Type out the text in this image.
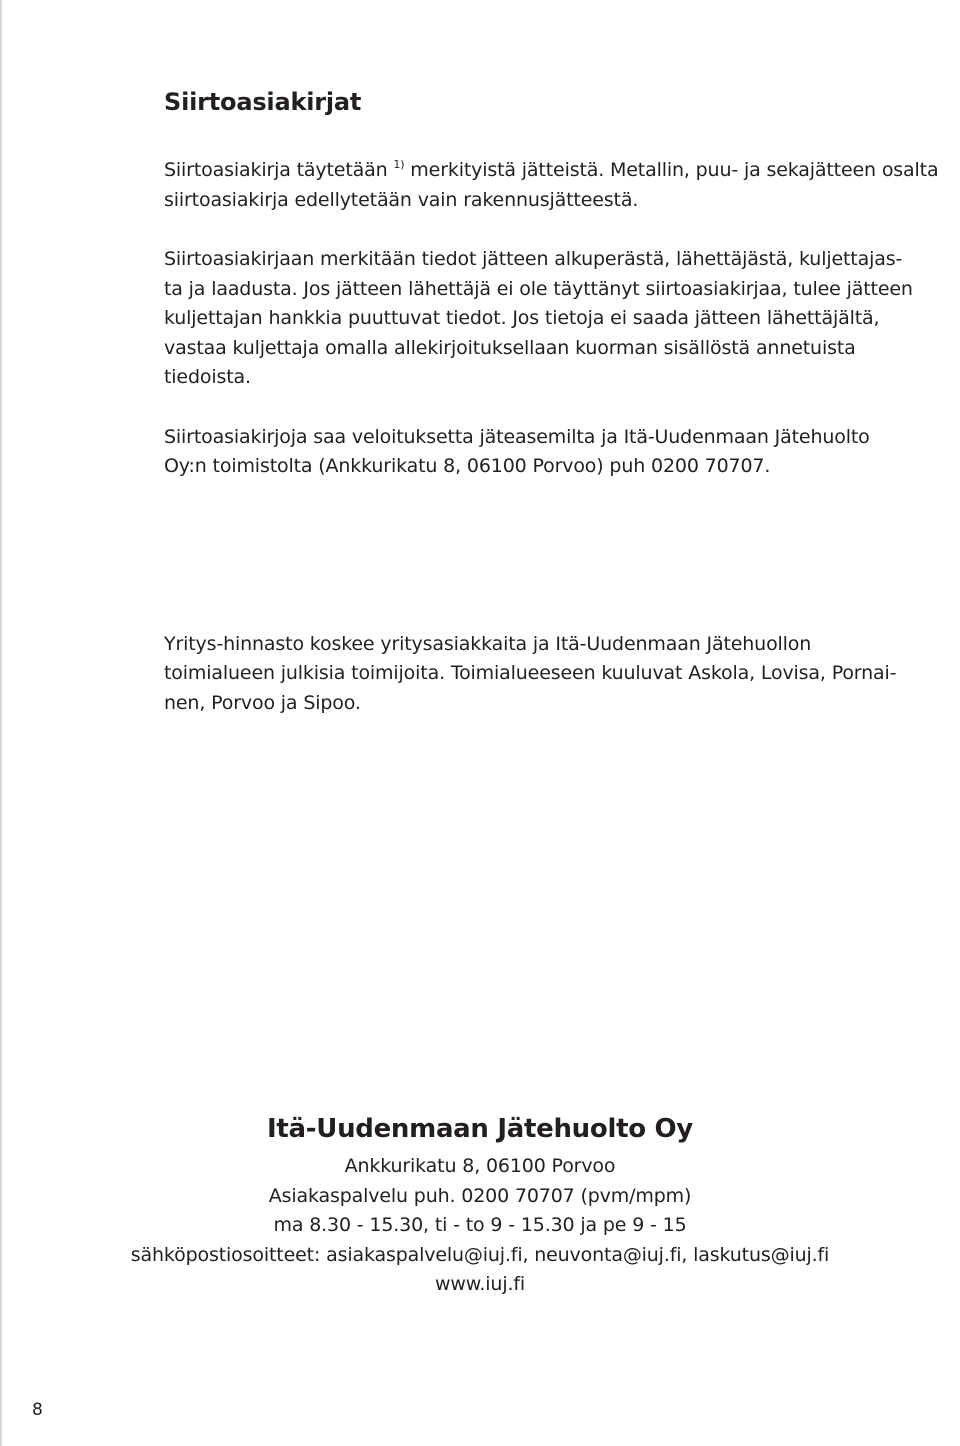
Siirtoasiakirjat

Siirtoasiakirja täytetään $^{1)}$ merkityistä jätteistä. Metallin, puu- ja sekajätteen osalta siirtoasiakirja edellytetään vain rakennusjätteestä.

Siirtoasiakirjaan merkitään tiedot jätteen alkuperästä, lähettäjästä, kuljettajas-
ta ja laadusta. Jos jätteen lähettäjä ei ole täyttänyt siirtoasiakirjaa, tulee jätteen
kuljettajan hankkia puuttuvat tiedot. Jos tietoja ei saada jätteen lähettäjältä,
vastaa kuljettaja omalla allekirjoituksellaan kuorman sisällöstä annetuista
tiedoista.

Siirtoasiakirjoja saa veloituksetta jäteasemilta ja Itä-Uudenmaan Jätehuolto
Oy:n toimistolta (Ankkurikatu 8, 06100 Porvoo) puh 0200 70707.

Yritys-hinnasto koskee yritysasiakkaita ja Itä-Uudenmaan Jätehuollon
toimialueen julkisia toimijoita. Toimialueeseen kuuluvat Askola, Lovisa, Pornai-
nen, Porvoo ja Sipoo.

Itä-Uudenmaan Jätehuolto Oy

Ankkurikatu 8, 06100 Porvoo

Asiakaspalvelu puh. 0200 70707 (pvm/mpm)

ma 8.30 - 15.30, ti - to 9 - 15.30 ja pe 9 - 15

sähköpostiosoitteet: asiakaspalvelu@iuj.fi, neuvonta@iuj.fi, laskutus@iuj.fi

www.iuj.fi

8
